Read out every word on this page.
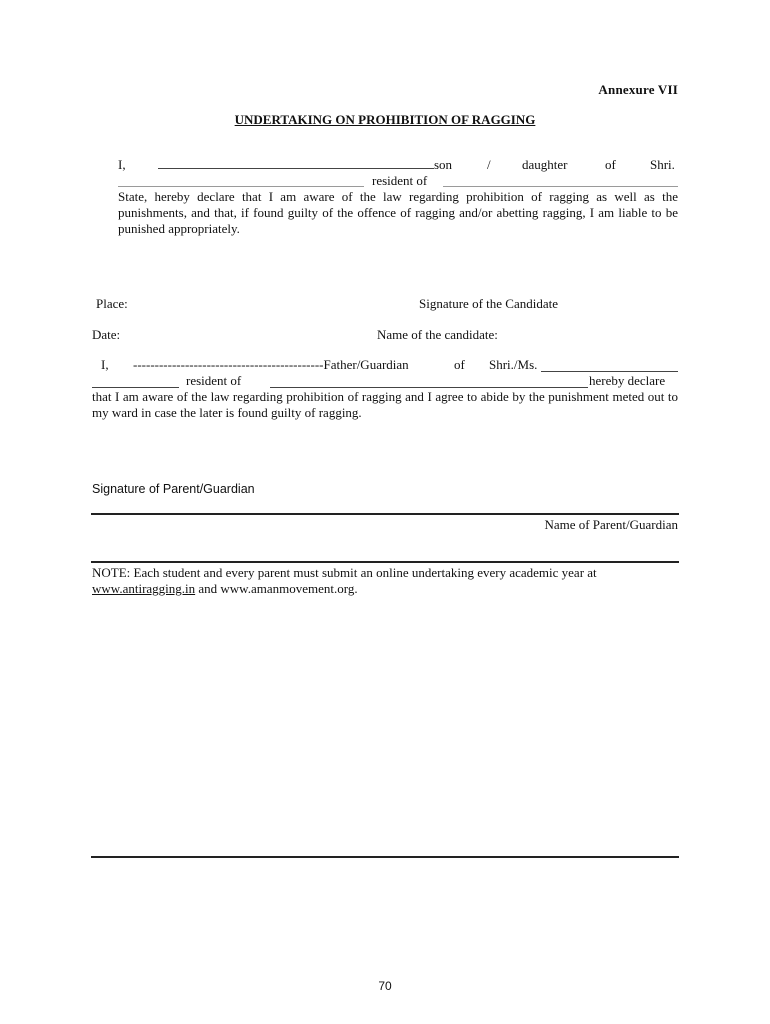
Annexure VII
UNDERTAKING ON PROHIBITION OF RAGGING
I,	son	/ daughter	of	Shri.
resident of
State, hereby declare that I am aware of the law regarding prohibition of ragging as well as the punishments, and that, if found guilty of the offence of ragging and/or abetting ragging, I am liable to be punished appropriately.
Place:	Signature of the Candidate
Date:	Name of the candidate:
I, --------------------------------------------Father/Guardian	of Shri./Ms.
resident of	hereby declare
that I am aware of the law regarding prohibition of ragging and I agree to abide by the punishment meted out to my ward in case the later is found guilty of ragging.
Signature of Parent/Guardian
Name of Parent/Guardian
NOTE: Each student and every parent must submit an online undertaking every academic year at
www.antiragging.in and www.amanmovement.org.
70
